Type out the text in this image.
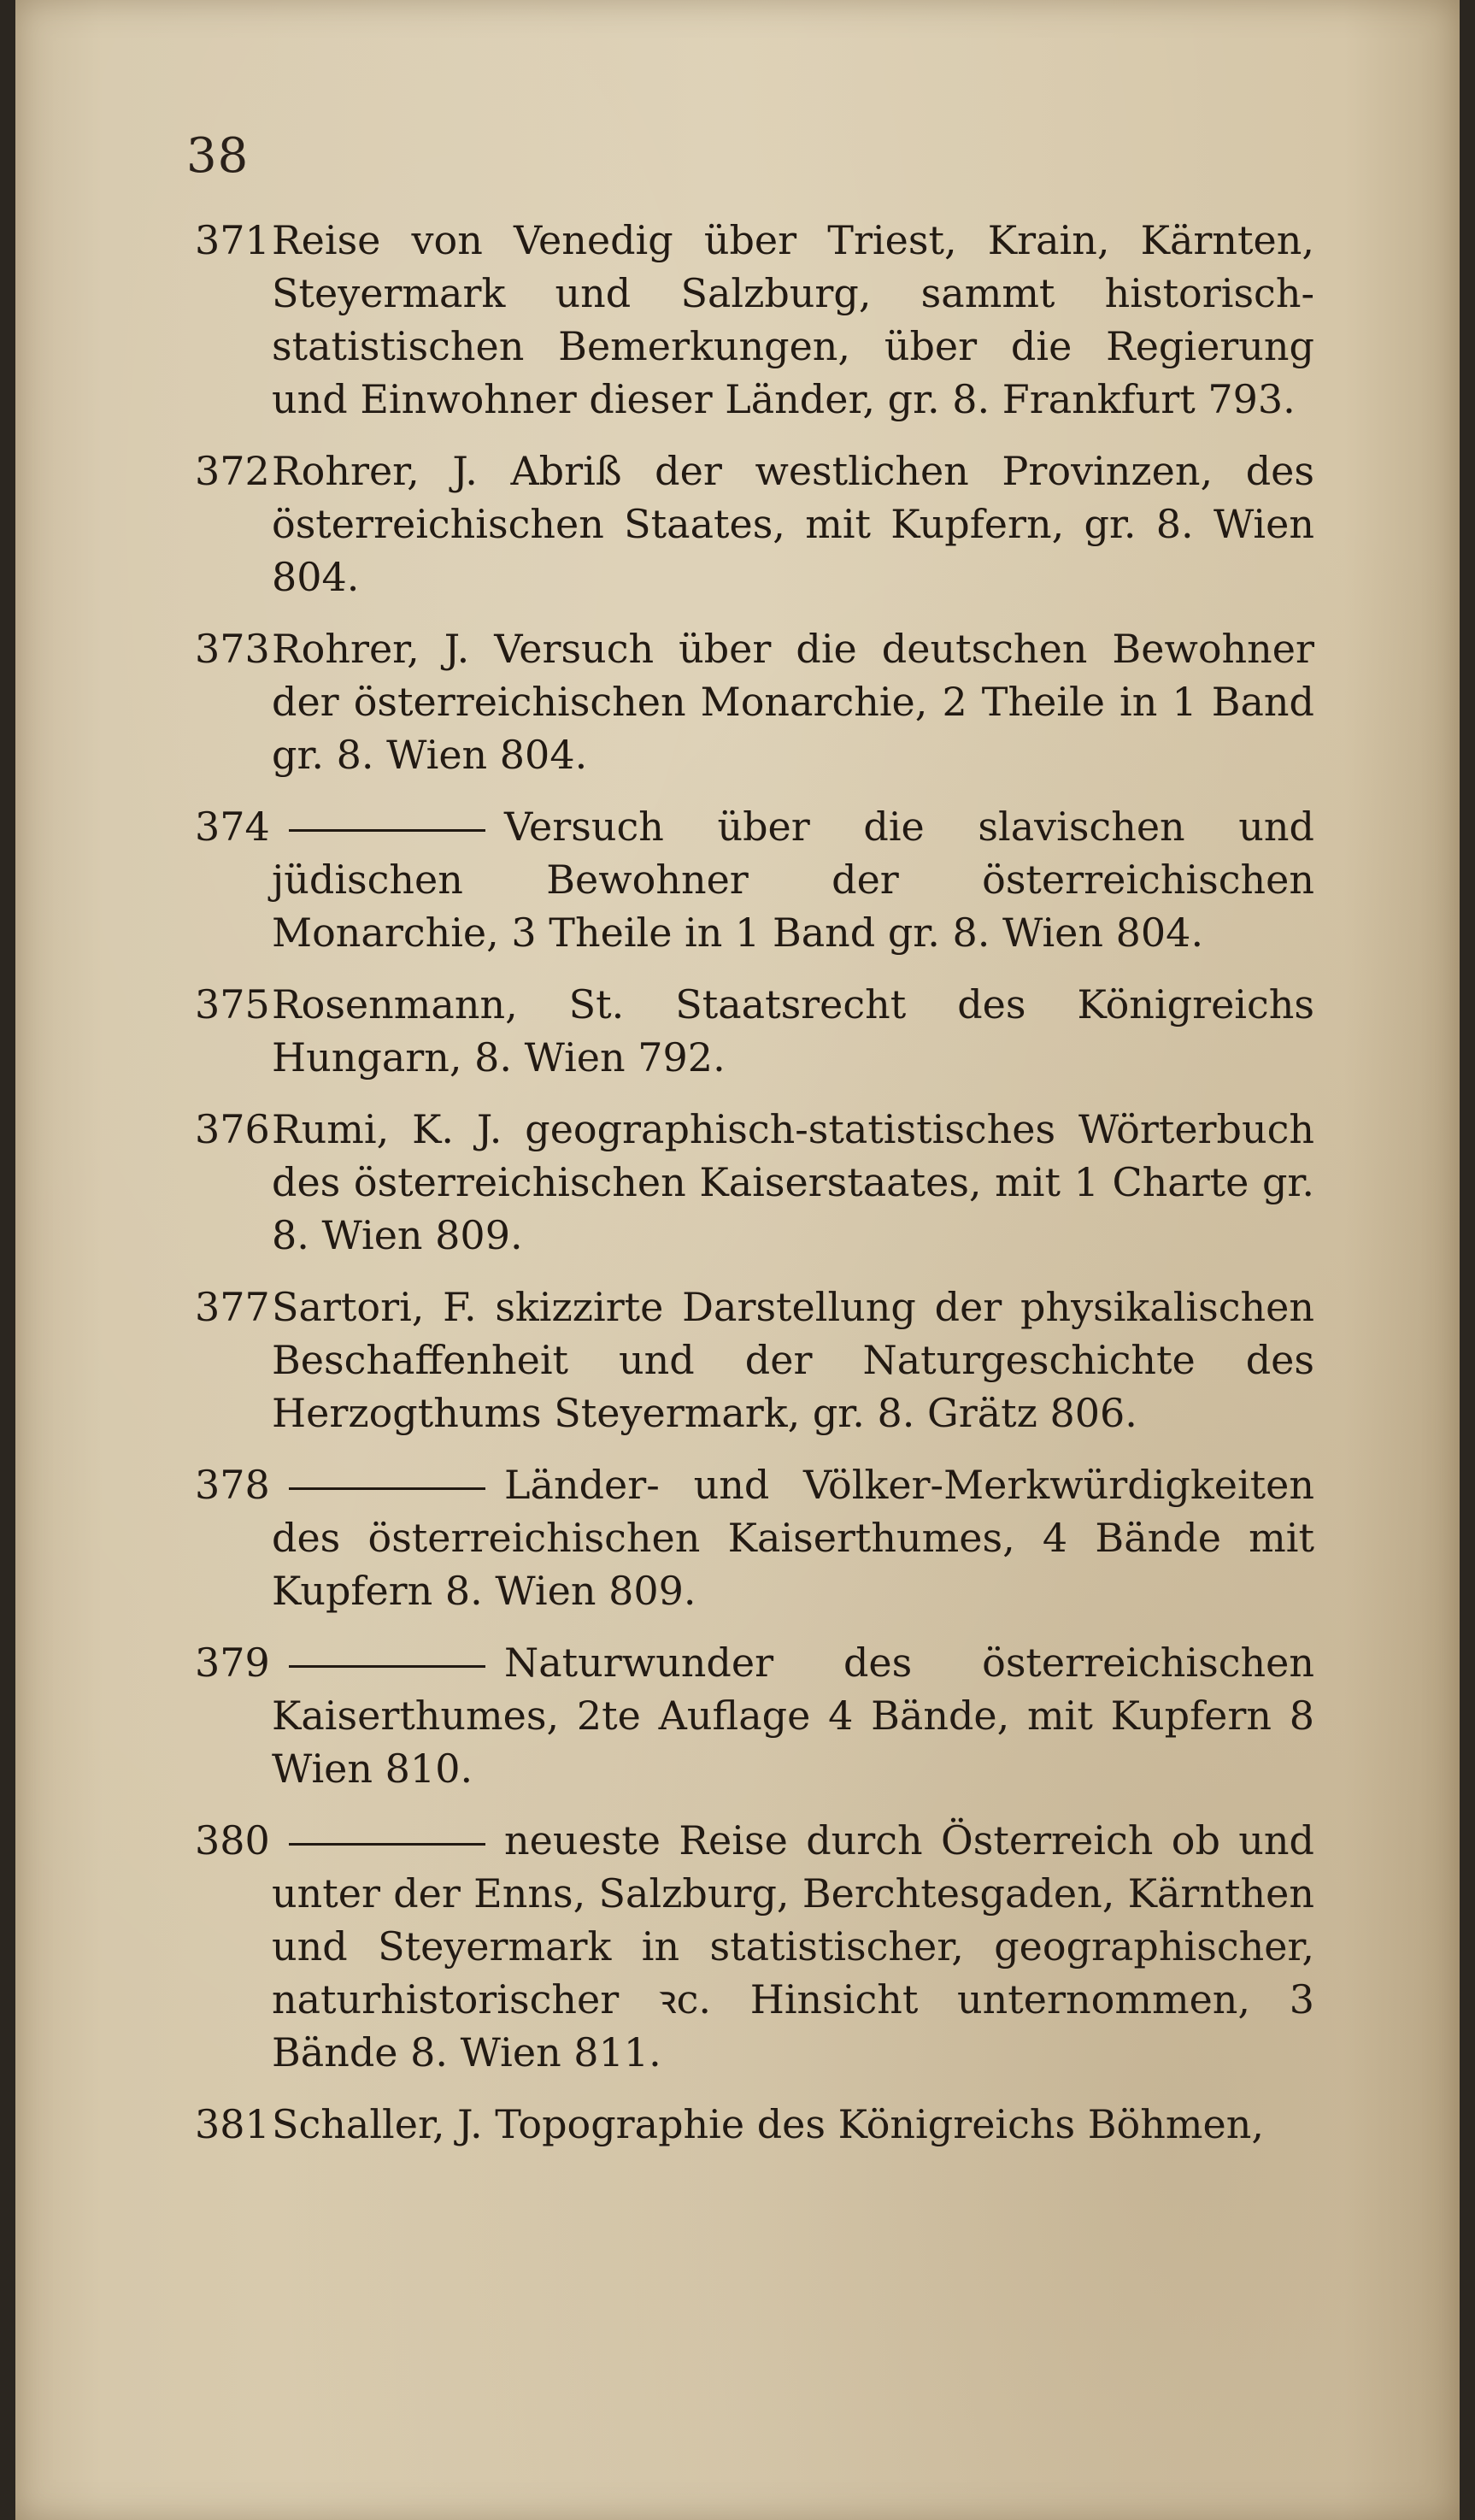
38
371 Reise von Venedig über Triest, Krain, Kärnten, Steyermark und Salzburg, sammt historisch-statistischen Bemerkungen, über die Regierung und Einwohner dieser Länder, gr. 8. Frankfurt 793.
372 Rohrer, J. Abriß der westlichen Provinzen, des österreichischen Staates, mit Kupfern, gr. 8. Wien 804.
373 Rohrer, J. Versuch über die deutschen Bewohner der österreichischen Monarchie, 2 Theile in 1 Band gr. 8. Wien 804.
374	Versuch über die slavischen und jüdischen Bewohner der österreichischen Monarchie, 3 Theile in 1 Band gr. 8. Wien 804.
375 Rosenmann, St. Staatsrecht des Königreichs Hungarn, 8. Wien 792.
376 Rumi, K. J. geographisch-statistisches Wörterbuch des österreichischen Kaiserstaates, mit 1 Charte gr. 8. Wien 809.
377 Sartori, F. skizzirte Darstellung der physikalischen Beschaffenheit und der Naturgeschichte des Herzogthums Steyermark, gr. 8. Grätz 806.
378	Länder- und Völker-Merkwürdigkeiten des österreichischen Kaiserthumes, 4 Bände mit Kupfern 8. Wien 809.
379	Naturwunder des österreichischen Kaiserthumes, 2te Auflage 4 Bände, mit Kupfern 8 Wien 810.
380	neueste Reise durch Österreich ob und unter der Enns, Salzburg, Berchtesgaden, Kärnthen und Steyermark in statistischer, geographischer, naturhistorischer ꝛc. Hinsicht unternommen, 3 Bände 8. Wien 811.
381 Schaller, J. Topographie des Königreichs Böhmen,
